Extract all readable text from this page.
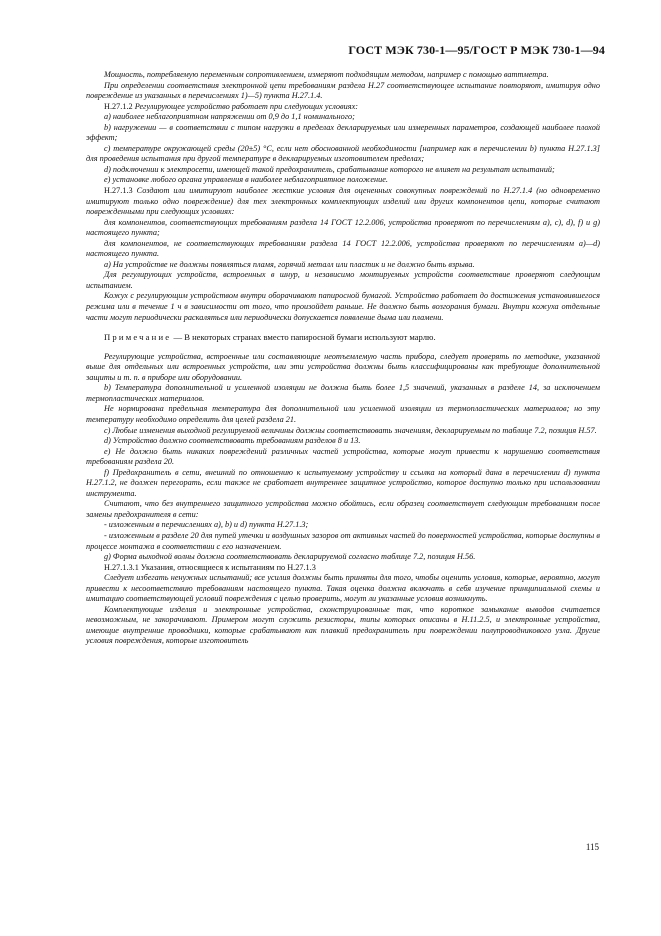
ГОСТ МЭК 730-1—95/ГОСТ Р МЭК 730-1—94

Мощность, потребляемую переменным сопротивлением, измеряют подходящим методом, например с помощью ваттметра.

При определении соответствия электронной цепи требованиям раздела Н.27 соответствующее испытание повторяют, имитируя одно повреждение из указанных в перечислениях 1)—5) пункта Н.27.1.4.

Н.27.1.2 Регулирующее устройство работает при следующих условиях:

а) наиболее неблагоприятном напряжении от 0,9 до 1,1 номинального;

b) нагружении — в соответствии с типом нагрузки в пределах декларируемых или измеренных параметров, создающей наиболее плохой эффект;

с) температуре окружающей среды (20±5) °С, если нет обоснованной необходимости [например как в перечислении b) пункта Н.27.1.3] для проведения испытания при другой температуре в декларируемых изготовителем пределах;

d) подключении к электросети, имеющей такой предохранитель, срабатывание которого не влияет на результат испытаний;

е) установке любого органа управления в наиболее неблагоприятное положение.

Н.27.1.3 Создают или имитируют наиболее жесткие условия для оцененных совокупных повреждений по Н.27.1.4 (но одновременно имитируют только одно повреждение) для тех электронных комплектующих изделий или других компонентов цепи, которые считают поврежденными при следующих условиях:

для компонентов, соответствующих требованиям раздела 14 ГОСТ 12.2.006, устройства проверяют по перечислениям а), с), d), f) и g) настоящего пункта;

для компонентов, не соответствующих требованиям раздела 14 ГОСТ 12.2.006, устройства проверяют по перечислениям а)—d) настоящего пункта.

а) На устройстве не должны появляться пламя, горячий металл или пластик и не должно быть взрыва.

Для регулирующих устройств, встроенных в шнур, и независимо монтируемых устройств соответствие проверяют следующим испытанием.

Кожух с регулирующим устройством внутри оборачивают папиросной бумагой. Устройство работает до достижения установившегося режима или в течение 1 ч в зависимости от того, что произойдет раньше. Не должно быть возгорания бумаги. Внутри кожуха отдельные части могут периодически раскаляться или периодически допускается появление дыма или пламени.

Примечание — В некоторых странах вместо папиросной бумаги используют марлю.

Регулирующие устройства, встроенные или составляющие неотъемлемую часть прибора, следует проверять по методике, указанной выше для отдельных или встроенных устройств, или эти устройства должны быть классифицированы как требующие дополнительной защиты и т. п. в приборе или оборудовании.

b) Температура дополнительной и усиленной изоляции не должна быть более 1,5 значений, указанных в разделе 14, за исключением термопластических материалов.

Не нормирована предельная температура для дополнительной или усиленной изоляции из термопластических материалов; но эту температуру необходимо определить для целей раздела 21.

с) Любые изменения выходной регулируемой величины должны соответствовать значениям, декларируемым по таблице 7.2, позиция Н.57.

d) Устройство должно соответствовать требованиям разделов 8 и 13.

е) Не должно быть никаких повреждений различных частей устройства, которые могут привести к нарушению соответствия требованиям раздела 20.

f) Предохранитель в сети, внешний по отношению к испытуемому устройству и ссылка на который дана в перечислении d) пункта Н.27.1.2, не должен перегорать, если также не сработает внутреннее защитное устройство, которое доступно только при использовании инструмента.

Считают, что без внутреннего защитного устройства можно обойтись, если образец соответствует следующим требованиям после замены предохранителя в сети:

- изложенным в перечислениях а), b) и d) пункта Н.27.1.3;

- изложенным в разделе 20 для путей утечки и воздушных зазоров от активных частей до поверхностей устройства, которые доступны в процессе монтажа в соответствии с его назначением.

g) Форма выходной волны должна соответствовать декларируемой согласно таблице 7.2, позиция Н.56.

Н.27.1.3.1 Указания, относящиеся к испытаниям по Н.27.1.3

Следует избегать ненужных испытаний; все усилия должны быть приняты для того, чтобы оценить условия, которые, вероятно, могут привести к несоответствию требованиям настоящего пункта. Такая оценка должна включать в себя изучение принципиальной схемы и имитацию соответствующей условий повреждения с целью проверить, могут ли указанные условия возникнуть.

Комплектующие изделия и электронные устройства, сконструированные так, что короткое замыкание выводов считается невозможным, не закорачивают. Примером могут служить резисторы, типы которых описаны в Н.11.2.5, и электронные устройства, имеющие внутренние проводники, которые срабатывают как плавкий предохранитель при повреждении полупроводникового узла. Другие условия повреждения, которые изготовитель

115
